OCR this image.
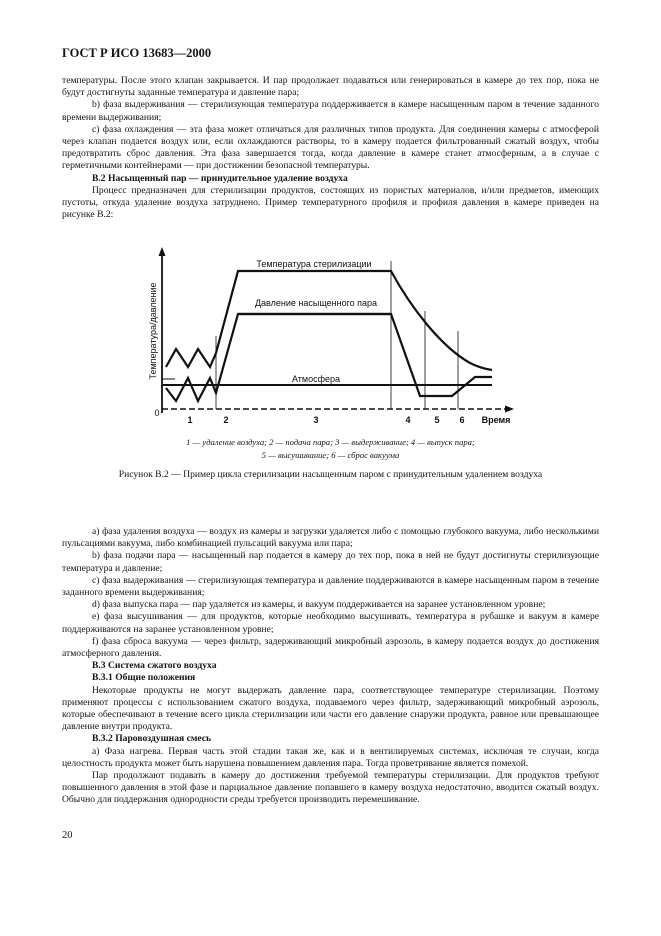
ГОСТ Р ИСО 13683—2000

температуры. После этого клапан закрывается. И пар продолжает подаваться или генерироваться в камере до тех пор, пока не будут достигнуты заданные температура и давление пара;

b) фаза выдерживания — стерилизующая температура поддерживается в камере насыщенным паром в течение заданного времени выдерживания;

c) фаза охлаждения — эта фаза может отличаться для различных типов продукта. Для соединения камеры с атмосферой через клапан подается воздух или, если охлаждаются растворы, то в камеру подается фильтрованный сжатый воздух, чтобы предотвратить сброс давления. Эта фаза завершается тогда, когда давление в камере станет атмосферным, а в случае с герметичными контейнерами — при достижении безопасной температуры.

B.2 Насыщенный пар — принудительное удаление воздуха

Процесс предназначен для стерилизации продуктов, состоящих из пористых материалов, и/или предметов, имеющих пустоты, откуда удаление воздуха затруднено. Пример температурного профиля и профиля давления в камере приведен на рисунке B.2:

Температура стерилизации
Давление насыщенного пара
Атмосфера
Температура/давление
0
1	2	3	4	5 6 Время
1 — удаление воздуха; 2 — подача пара; 3 — выдерживание; 4 — выпуск пара;
5 — высушивание; 6 — сброс вакуума
Рисунок B.2 — Пример цикла стерилизации насыщенным паром с принудительным удалением воздуха

a) фаза удаления воздуха — воздух из камеры и загрузки удаляется либо с помощью глубокого вакуума, либо несколькими пульсациями вакуума, либо комбинацией пульсаций вакуума или пара;

b) фаза подачи пара — насыщенный пар подается в камеру до тех пор, пока в ней не будут достигнуты стерилизующие температура и давление;

c) фаза выдерживания — стерилизующая температура и давление поддерживаются в камере насыщенным паром в течение заданного времени выдерживания;

d) фаза выпуска пара — пар удаляется из камеры, и вакуум поддерживается на заранее установленном уровне;

e) фаза высушивания — для продуктов, которые необходимо высушивать, температура в рубашке и вакуум в камере поддерживаются на заранее установленном уровне;

f) фаза сброса вакуума — через фильтр, задерживающий микробный аэрозоль, в камеру подается воздух до достижения атмосферного давления.

B.3 Система сжатого воздуха

B.3.1 Общие положения

Некоторые продукты не могут выдержать давление пара, соответствующее температуре стерилизации. Поэтому применяют процессы с использованием сжатого воздуха, подаваемого через фильтр, задерживающий микробный аэрозоль, которые обеспечивают в течение всего цикла стерилизации или части его давление снаружи продукта, равное или превышающее давление внутри продукта.

B.3.2 Паровоздушная смесь

a) Фаза нагрева. Первая часть этой стадии такая же, как и в вентилируемых системах, исключая те случаи, когда целостность продукта может быть нарушена повышением давления пара. Тогда проветривание является помехой.

Пар продолжают подавать в камеру до достижения требуемой температуры стерилизации. Для продуктов требуют повышенного давления в этой фазе и парциальное давление попавшего в камеру воздуха недостаточно, вводится сжатый воздух. Обычно для поддержания однородности среды требуется производить перемешивание.

20
